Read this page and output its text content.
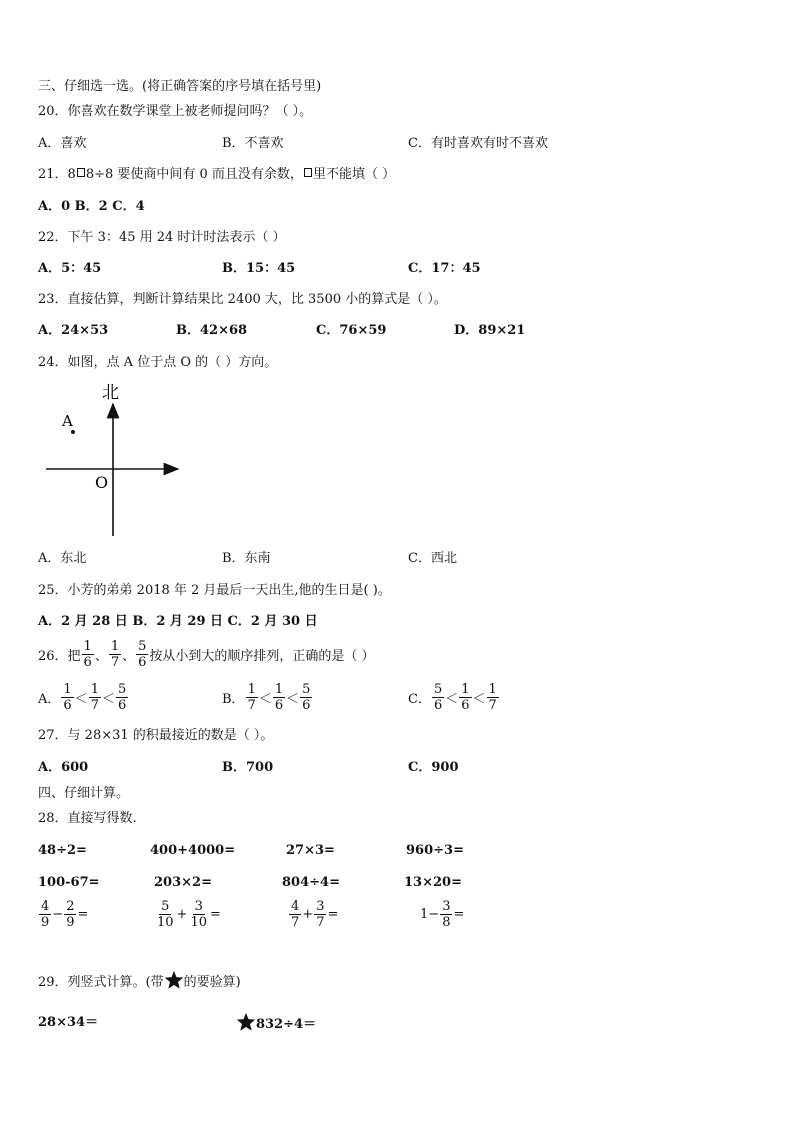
三、仔细选一选。(将正确答案的序号填在括号里)
20．你喜欢在数学课堂上被老师提问吗？（ ）。
A．喜欢	B．不喜欢	C．有时喜欢有时不喜欢
21．8 8÷8 要使商中间有 0 而且没有余数， 里不能填（ ）
A．0 B．2 C．4
22．下午 3：45 用 24 时计时法表示（ ）
A．5：45	B．15：45	C．17：45
23．直接估算，判断计算结果比 2400 大，比 3500 小的算式是（ ）。
A．24×53	B．42×68	C．76×59	D．89×21
24．如图，点 A 位于点 O 的（ ）方向。
北
A
O
A．东北	B．东南	C．西北
25．小芳的弟弟 2018 年 2 月最后一天出生,他的生日是( )。
A．2 月 28 日 B．2 月 29 日 C．2 月 30 日
26．把 $\frac{1}{6}$ 、 $\frac{1}{7}$ 、 $\frac{5}{6}$ 按从小到大的顺序排列，正确的是（ ）
A． $\frac{1}{6} < \frac{1}{7} < \frac{5}{6}$	B． $\frac{1}{7} < \frac{1}{6} < \frac{5}{6}$	C． $\frac{5}{6} < \frac{1}{6} < \frac{1}{7}$
27．与 28×31 的积最接近的数是（ ）。
A．600	B．700	C．900
四、仔细计算。
28．直接写得数.
48÷2=	400+4000=	27×3=	960÷3=
100-67=	203×2=	804÷4=	13×20=
$\frac{4}{9} - \frac{2}{9}$ =	$\frac{5}{10} + \frac{3}{10}$ =	$\frac{4}{7} + \frac{3}{7}$ =	$1 - \frac{3}{8}$ =
29．列竖式计算。(带 的要验算)
28×34＝	832÷4＝
